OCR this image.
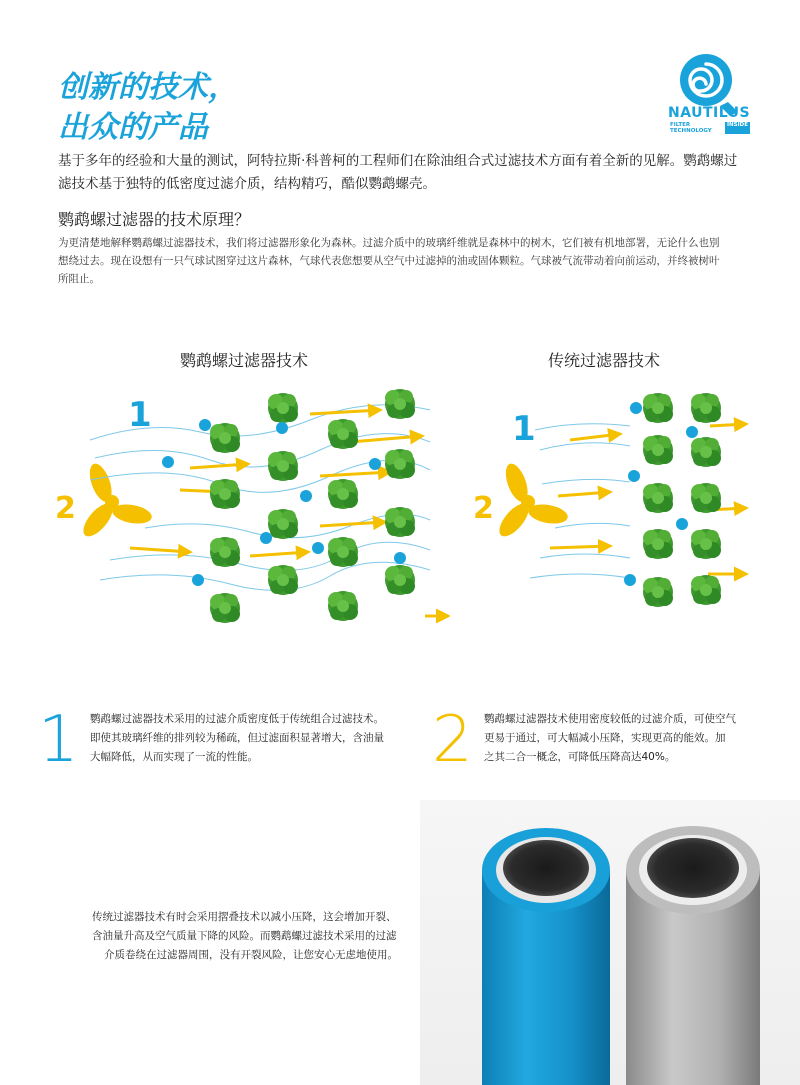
创新的技术，
出众的产品	NAUTILUS
FILTER TECHNOLOGY
INSIDE
基于多年的经验和大量的测试，阿特拉斯·科普柯的工程师们在除油组合式过滤技术方面有着全新的见解。鹦鹉螺过
滤技术基于独特的低密度过滤介质，结构精巧，酷似鹦鹉螺壳。
鹦鹉螺过滤器的技术原理？
为更清楚地解释鹦鹉螺过滤器技术，我们将过滤器形象化为森林。过滤介质中的玻璃纤维就是森林中的树木，它们被有机地部署，无论什么也别
想绕过去。现在设想有一只气球试图穿过这片森林，气球代表您想要从空气中过滤掉的油或固体颗粒。气球被气流带动着向前运动，并终被树叶
所阻止。
鹦鹉螺过滤器技术	传统过滤器技术
1
2
1
2
1 鹦鹉螺过滤器技术采用的过滤介质密度低于传统组合过滤技术。
即使其玻璃纤维的排列较为稀疏，但过滤面积显著增大，含油量
大幅降低，从而实现了一流的性能。	2 鹦鹉螺过滤器技术使用密度较低的过滤介质，可使空气
更易于通过，可大幅减小压降，实现更高的能效。加
之其二合一概念，可降低压降高达40%。
传统过滤器技术有时会采用摺叠技术以减小压降，这会增加开裂、
含油量升高及空气质量下降的风险。而鹦鹉螺过滤技术采用的过滤
介质卷绕在过滤器周围，没有开裂风险，让您安心无虑地使用。
